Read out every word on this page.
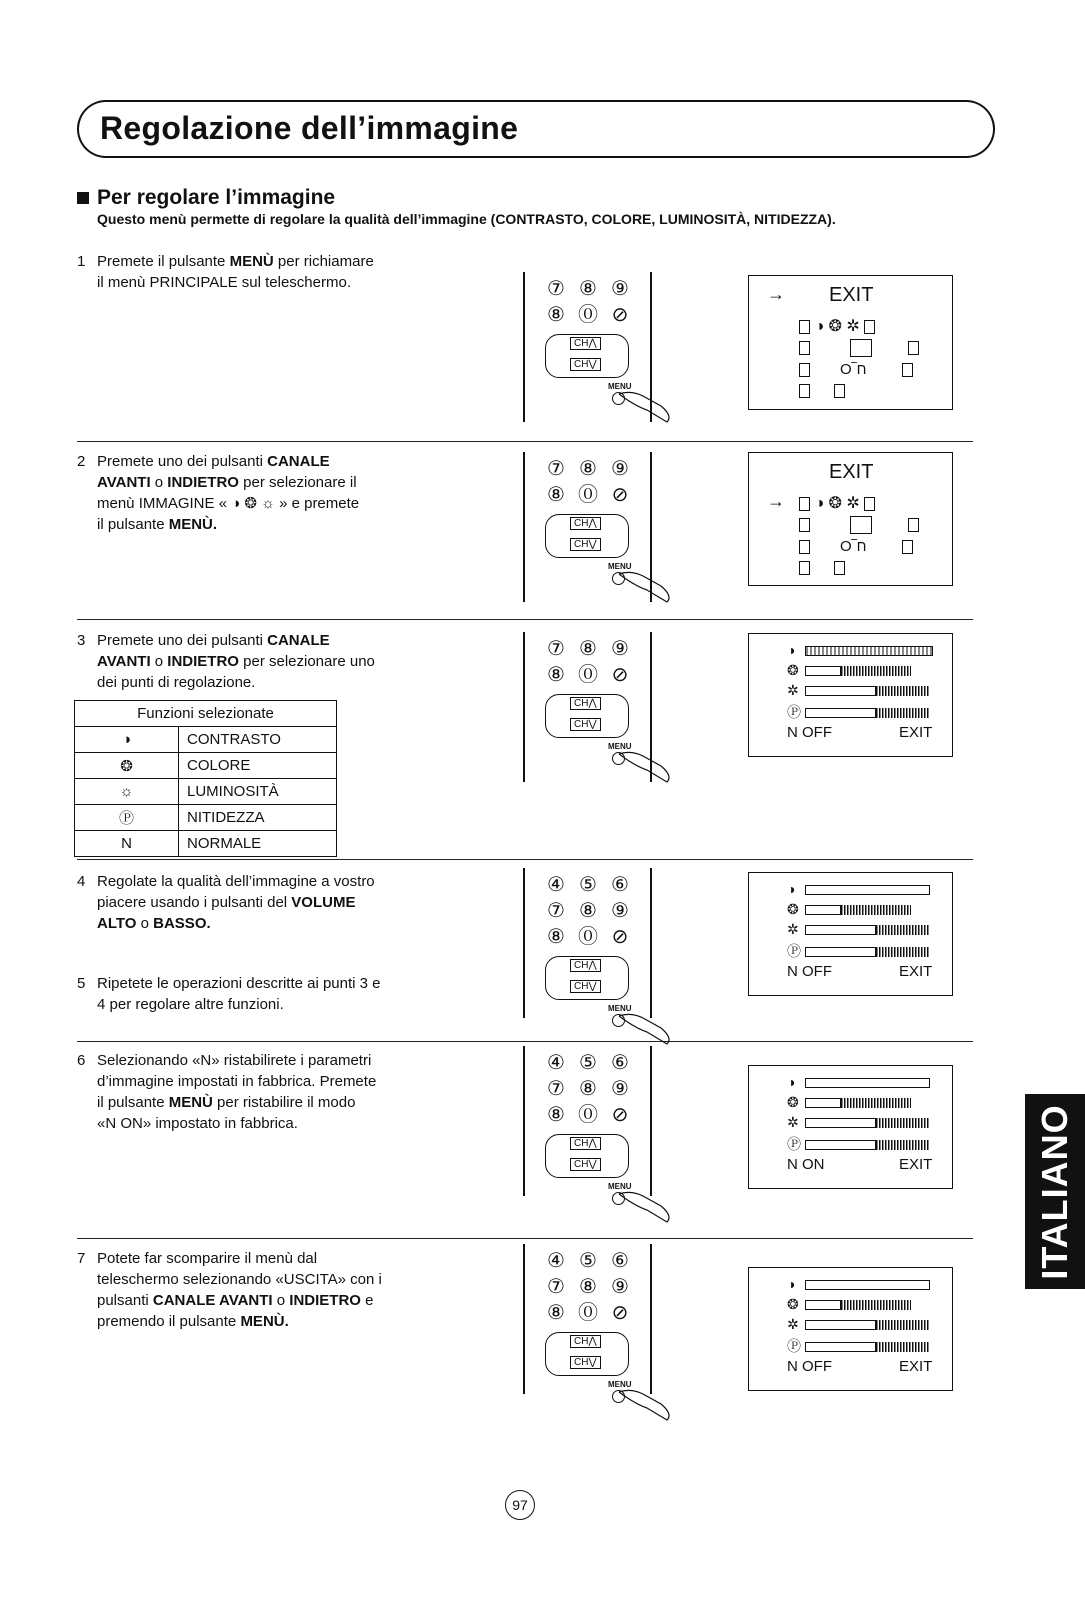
Regolazione dell’immagine
Per regolare l’immagine
Questo menù permette di regolare la qualità dell’immagine (CONTRASTO, COLORE, LUMINOSITÀ, NITIDEZZA).
1 Premete il pulsante MENÙ per richiamare
il menù PRINCIPALE sul teleschermo.
2 Premete uno dei pulsanti CANALE
AVANTI o INDIETRO per selezionare il
menù IMMAGINE « ◑ ❂ ☼ » e premete
il pulsante MENÙ.
3 Premete uno dei pulsanti CANALE
AVANTI o INDIETRO per selezionare uno
dei punti di regolazione.
4 Regolate la qualità dell’immagine a vostro
piacere usando i pulsanti del VOLUME
ALTO o BASSO.
5 Ripetete le operazioni descritte ai punti 3 e
4 per regolare altre funzioni.
6 Selezionando «N» ristabilirete i parametri
d’immagine impostati in fabbrica. Premete
il pulsante MENÙ per ristabilire il modo
«N ON» impostato in fabbrica.
7 Potete far scomparire il menù dal
teleschermo selezionando «USCITA» con i
pulsanti CANALE AVANTI o INDIETRO e
premendo il pulsante MENÙ.
Funzioni selezionate	
◑	CONTRASTO
❂	COLORE
☼	LUMINOSITÀ
Ⓟ	NITIDEZZA
N	NORMALE
⑦ ⑧ ⑨
⑧ ⓪ ⊘
CH⋀
CH⋁
MENU
⑦ ⑧ ⑨
⑧ ⓪ ⊘
CH⋀
CH⋁
MENU
⑦ ⑧ ⑨
⑧ ⓪ ⊘
CH⋀
CH⋁
MENU
④ ⑤ ⑥
⑦ ⑧ ⑨
⑧ ⓪ ⊘
CH⋀
CH⋁
MENU
④ ⑤ ⑥
⑦ ⑧ ⑨
⑧ ⓪ ⊘
CH⋀
CH⋁
MENU
④ ⑤ ⑥
⑦ ⑧ ⑨
⑧ ⓪ ⊘
CH⋀
CH⋁
MENU
→ EXIT
◑ ❂ ✲
O‾ח

EXIT
→	◑ ❂ ✲
O‾ח

◑
❂
✲
Ⓟ
N OFF	EXIT
◑
❂
✲
Ⓟ
N OFF	EXIT
◑
❂
✲
Ⓟ
N ON	EXIT
◑
❂
✲
Ⓟ
N OFF	EXIT
ITALIANO
97
